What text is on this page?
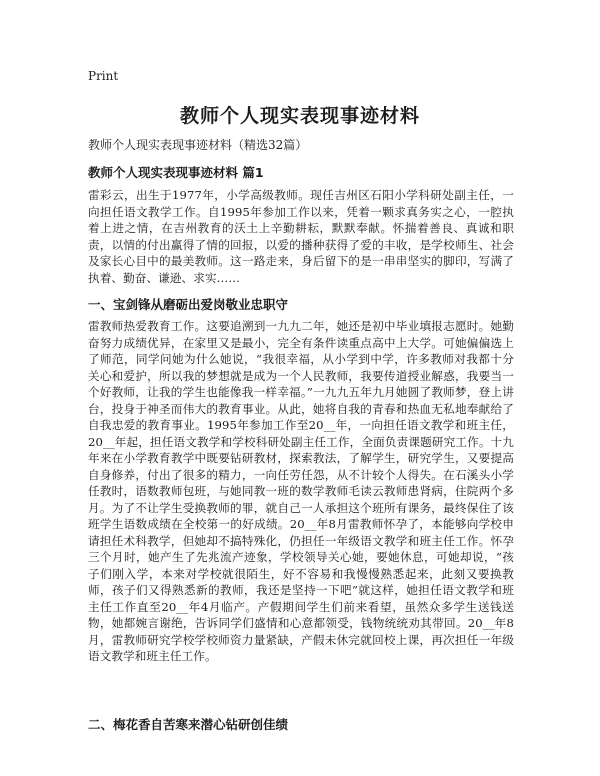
Print
教师个人现实表现事迹材料
教师个人现实表现事迹材料（精选32篇）
教师个人现实表现事迹材料 篇1

雷彩云，出生于1977年，小学高级教师。现任吉州区石阳小学科研处副主任，一向担任语文教学工作。自1995年参加工作以来，凭着一颗求真务实之心，一腔执着上进之情，在吉州教育的沃土上辛勤耕耘，默默奉献。怀揣着善良、真诚和职责，以情的付出赢得了情的回报，以爱的播种获得了爱的丰收，是学校师生、社会及家长心目中的最美教师。这一路走来，身后留下的是一串串坚实的脚印，写满了执着、勤奋、谦逊、求实……

一、宝剑锋从磨砺出爱岗敬业忠职守

雷教师热爱教育工作。这要追溯到一九九二年，她还是初中毕业填报志愿时。她勤奋努力成绩优异，在家里又是最小，完全有条件读重点高中上大学。可她偏偏选上了师范，同学问她为什么她说，“我很幸福，从小学到中学，许多教师对我都十分关心和爱护，所以我的梦想就是成为一个人民教师，我要传道授业解惑，我要当一个好教师，让我的学生也能像我一样幸福。”一九九五年九月她圆了教师梦，登上讲台，投身于神圣而伟大的教育事业。从此，她将自我的青春和热血无私地奉献给了自我忠爱的教育事业。1995年参加工作至20__年，一向担任语文教学和班主任，20__年起，担任语文教学和学校科研处副主任工作，全面负责课题研究工作。十九年来在小学教育教学中既要钻研教材，探索教法，了解学生，研究学生，又要提高自身修养，付出了很多的精力，一向任劳任怨，从不计较个人得失。在石溪头小学任教时，语数教师包班，与她同教一班的数学教师毛读云教师患肾病，住院两个多月。为了不让学生受换教师的罪，就自己一人承担这个班所有课务，最终保住了该班学生语数成绩在全校第一的好成绩。20__年8月雷教师怀孕了，本能够向学校申请担任术科教学，但她却不搞特殊化，仍担任一年级语文教学和班主任工作。怀孕三个月时，她产生了先兆流产迹象，学校领导关心她，要她休息，可她却说，“孩子们刚入学，本来对学校就很陌生，好不容易和我慢慢熟悉起来，此刻又要换教师，孩子们又得熟悉新的教师，我还是坚持一下吧”就这样，她担任语文教学和班主任工作直至20__年4月临产。产假期间学生们前来看望，虽然众多学生送钱送物，她都婉言谢绝，告诉同学们盛情和心意都领受，钱物统统劝其带回。20__年8月，雷教师研究学校学校师资力量紧缺，产假未休完就回校上课，再次担任一年级语文教学和班主任工作。

二、梅花香自苦寒来潜心钻研创佳绩
